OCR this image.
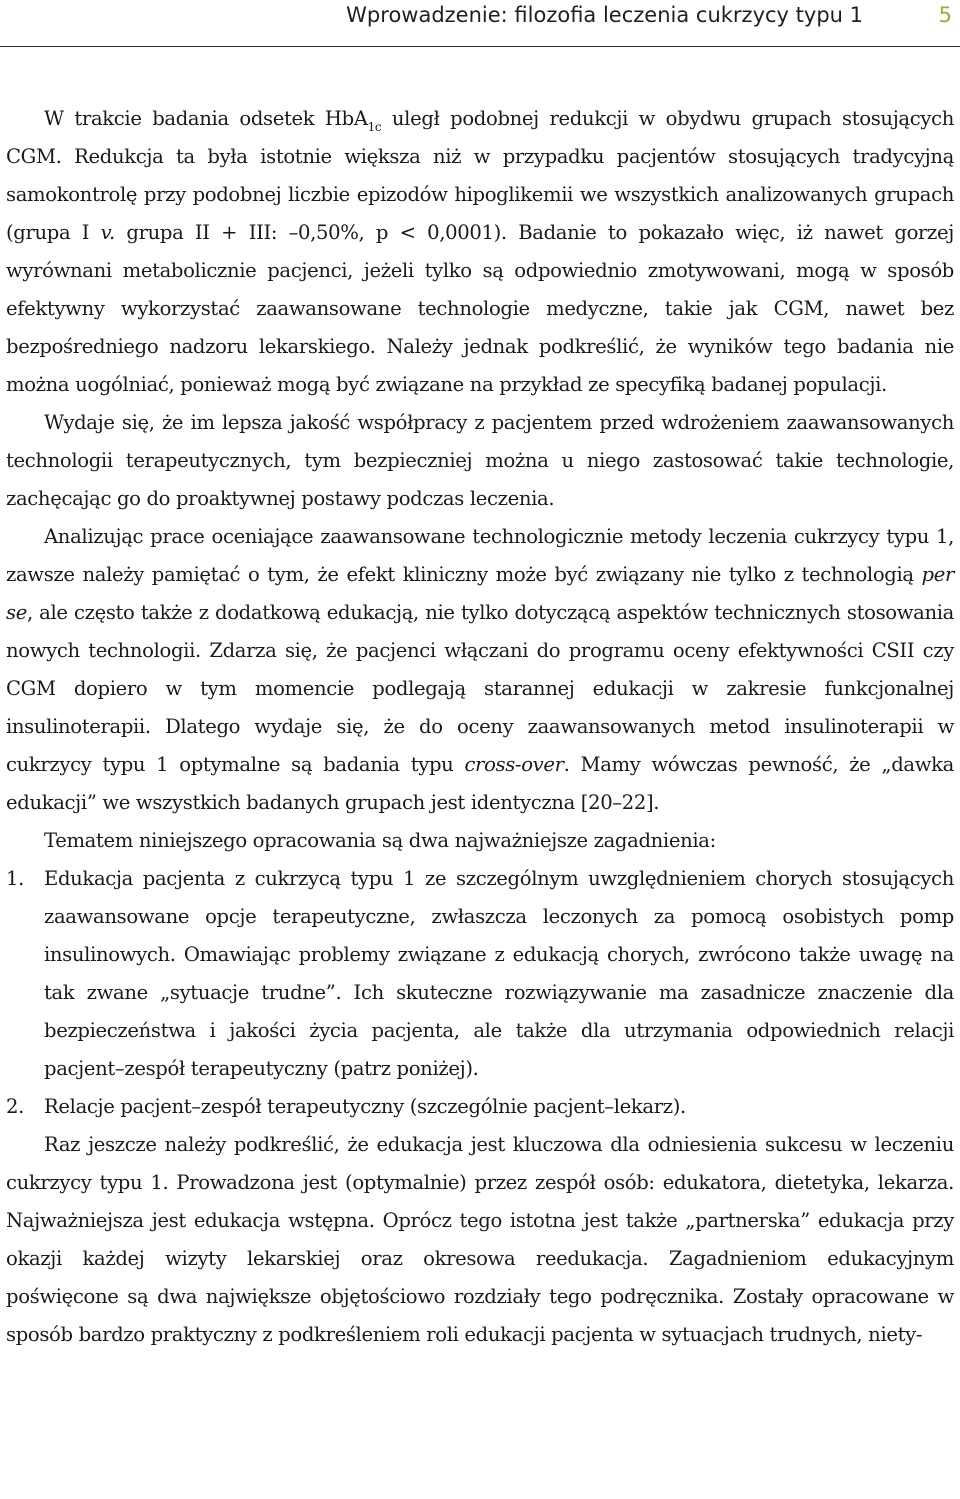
Wprowadzenie: filozofia leczenia cukrzycy typu 1	5

W trakcie badania odsetek HbA$_{1c}$ uległ podobnej redukcji w obydwu grupach stosujących CGM. Redukcja ta była istotnie większa niż w przypadku pacjentów stosujących tradycyjną samokontrolę przy podobnej liczbie epizodów hipoglikemii we wszystkich analizowanych grupach (grupa I v. grupa II + III: –0,50%, p < 0,0001). Badanie to pokazało więc, iż nawet gorzej wyrównani metabolicznie pacjenci, jeżeli tylko są odpowiednio zmotywowani, mogą w sposób efektywny wykorzystać zaawansowane technologie medyczne, takie jak CGM, nawet bez bezpośredniego nadzoru lekarskiego. Należy jednak podkreślić, że wyników tego badania nie można uogólniać, ponieważ mogą być związane na przykład ze specyfiką badanej populacji.

Wydaje się, że im lepsza jakość współpracy z pacjentem przed wdrożeniem zaawansowanych technologii terapeutycznych, tym bezpieczniej można u niego zastosować takie technologie, zachęcając go do proaktywnej postawy podczas leczenia.

Analizując prace oceniające zaawansowane technologicznie metody leczenia cukrzycy typu 1, zawsze należy pamiętać o tym, że efekt kliniczny może być związany nie tylko z technologią per se, ale często także z dodatkową edukacją, nie tylko dotyczącą aspektów technicznych stosowania nowych technologii. Zdarza się, że pacjenci włączani do programu oceny efektywności CSII czy CGM dopiero w tym momencie podlegają starannej edukacji w zakresie funkcjonalnej insulinoterapii. Dlatego wydaje się, że do oceny zaawansowanych metod insulinoterapii w cukrzycy typu 1 optymalne są badania typu cross-over. Mamy wówczas pewność, że „dawka edukacji” we wszystkich badanych grupach jest identyczna [20–22].

Tematem niniejszego opracowania są dwa najważniejsze zagadnienia:

1. Edukacja pacjenta z cukrzycą typu 1 ze szczególnym uwzględnieniem chorych stosujących zaawansowane opcje terapeutyczne, zwłaszcza leczonych za pomocą osobistych pomp insulinowych. Omawiając problemy związane z edukacją chorych, zwrócono także uwagę na tak zwane „sytuacje trudne”. Ich skuteczne rozwiązywanie ma zasadnicze znaczenie dla bezpieczeństwa i jakości życia pacjenta, ale także dla utrzymania odpowiednich relacji pacjent–zespół terapeutyczny (patrz poniżej).
2. Relacje pacjent–zespół terapeutyczny (szczególnie pacjent–lekarz).

Raz jeszcze należy podkreślić, że edukacja jest kluczowa dla odniesienia sukcesu w leczeniu cukrzycy typu 1. Prowadzona jest (optymalnie) przez zespół osób: edukatora, dietetyka, lekarza. Najważniejsza jest edukacja wstępna. Oprócz tego istotna jest także „partnerska” edukacja przy okazji każdej wizyty lekarskiej oraz okresowa reedukacja. Zagadnieniom edukacyjnym poświęcone są dwa największe objętościowo rozdziały tego podręcznika. Zostały opracowane w sposób bardzo praktyczny z podkreśleniem roli edukacji pacjenta w sytuacjach trudnych, niety-
